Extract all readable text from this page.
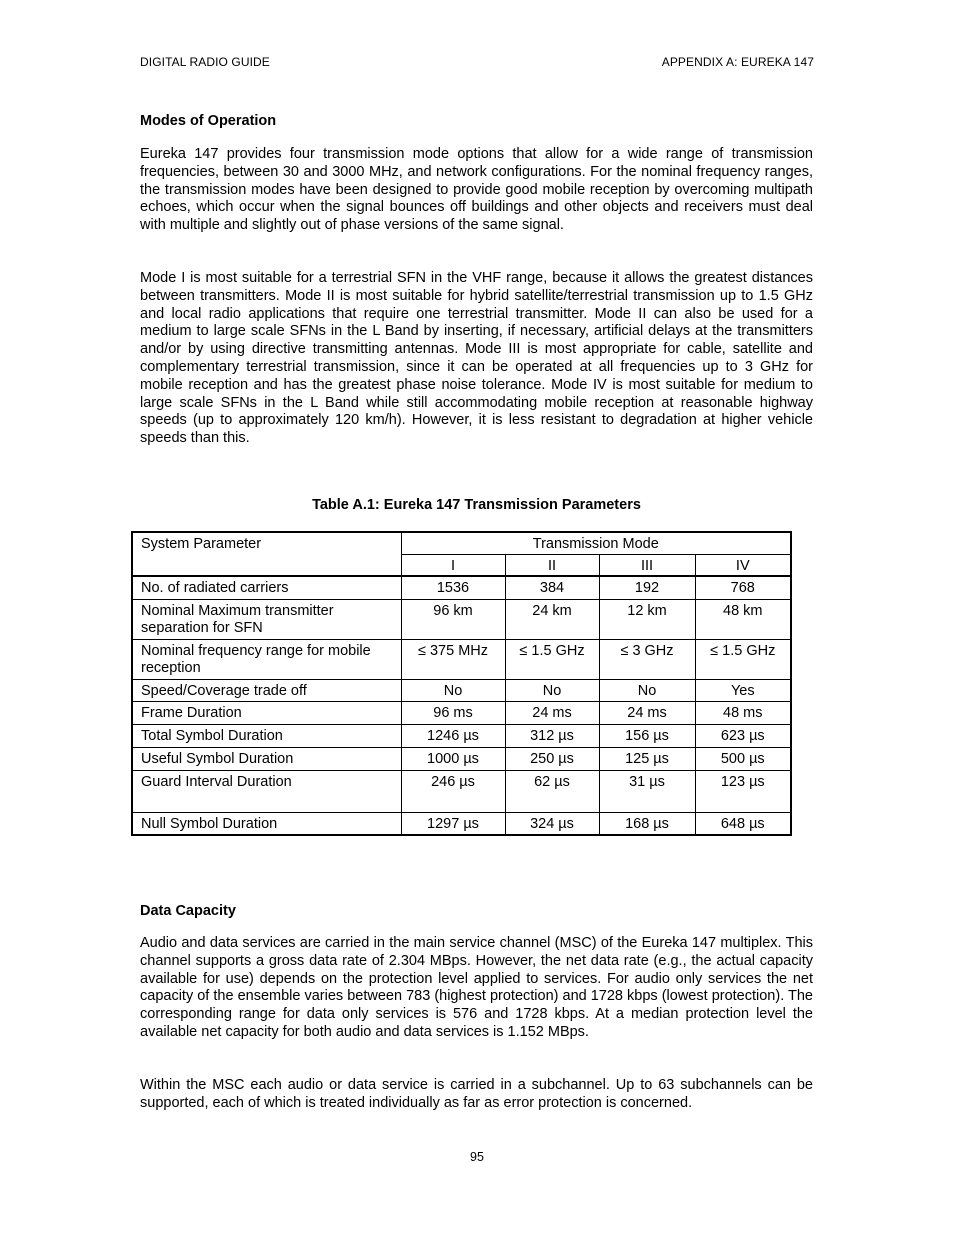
DIGITAL RADIO GUIDE	APPENDIX A: EUREKA 147
Modes of Operation

Eureka 147 provides four transmission mode options that allow for a wide range of transmission frequencies, between 30 and 3000 MHz, and network configurations. For the nominal frequency ranges, the transmission modes have been designed to provide good mobile reception by overcoming multipath echoes, which occur when the signal bounces off buildings and other objects and receivers must deal with multiple and slightly out of phase versions of the same signal.

Mode I is most suitable for a terrestrial SFN in the VHF range, because it allows the greatest distances between transmitters. Mode II is most suitable for hybrid satellite/terrestrial transmission up to 1.5 GHz and local radio applications that require one terrestrial transmitter. Mode II can also be used for a medium to large scale SFNs in the L Band by inserting, if necessary, artificial delays at the transmitters and/or by using directive transmitting antennas. Mode III is most appropriate for cable, satellite and complementary terrestrial transmission, since it can be operated at all frequencies up to 3 GHz for mobile reception and has the greatest phase noise tolerance. Mode IV is most suitable for medium to large scale SFNs in the L Band while still accommodating mobile reception at reasonable highway speeds (up to approximately 120 km/h). However, it is less resistant to degradation at higher vehicle speeds than this.

Table A.1: Eureka 147 Transmission Parameters
System Parameter	Transmission Mode			
	I	II	III	IV
No. of radiated carriers	1536	384	192	768
Nominal Maximum transmitter separation for SFN	96 km	24 km	12 km	48 km
Nominal frequency range for mobile reception	≤ 375 MHz	≤ 1.5 GHz	≤ 3 GHz	≤ 1.5 GHz
Speed/Coverage trade off	No	No	No	Yes
Frame Duration	96 ms	24 ms	24 ms	48 ms
Total Symbol Duration	1246 µs	312 µs	156 µs	623 µs
Useful Symbol Duration	1000 µs	250 µs	125 µs	500 µs
Guard Interval Duration	246 µs	62 µs	31 µs	123 µs
Null Symbol Duration	1297 µs	324 µs	168 µs	648 µs
Data Capacity

Audio and data services are carried in the main service channel (MSC) of the Eureka 147 multiplex. This channel supports a gross data rate of 2.304 MBps. However, the net data rate (e.g., the actual capacity available for use) depends on the protection level applied to services. For audio only services the net capacity of the ensemble varies between 783 (highest protection) and 1728 kbps (lowest protection). The corresponding range for data only services is 576 and 1728 kbps. At a median protection level the available net capacity for both audio and data services is 1.152 MBps.

Within the MSC each audio or data service is carried in a subchannel. Up to 63 subchannels can be supported, each of which is treated individually as far as error protection is concerned.

95
